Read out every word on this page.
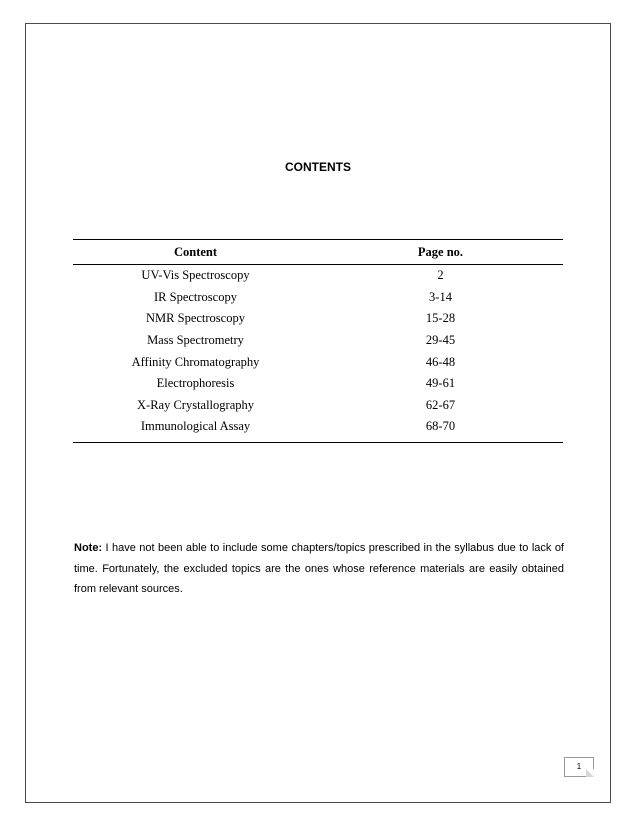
CONTENTS
Content	Page no.
UV-Vis Spectroscopy	2
IR Spectroscopy	3-14
NMR Spectroscopy	15-28
Mass Spectrometry	29-45
Affinity Chromatography	46-48
Electrophoresis	49-61
X-Ray Crystallography	62-67
Immunological Assay	68-70
Note: I have not been able to include some chapters/topics prescribed in the syllabus due to lack of time. Fortunately, the excluded topics are the ones whose reference materials are easily obtained from relevant sources.
1
